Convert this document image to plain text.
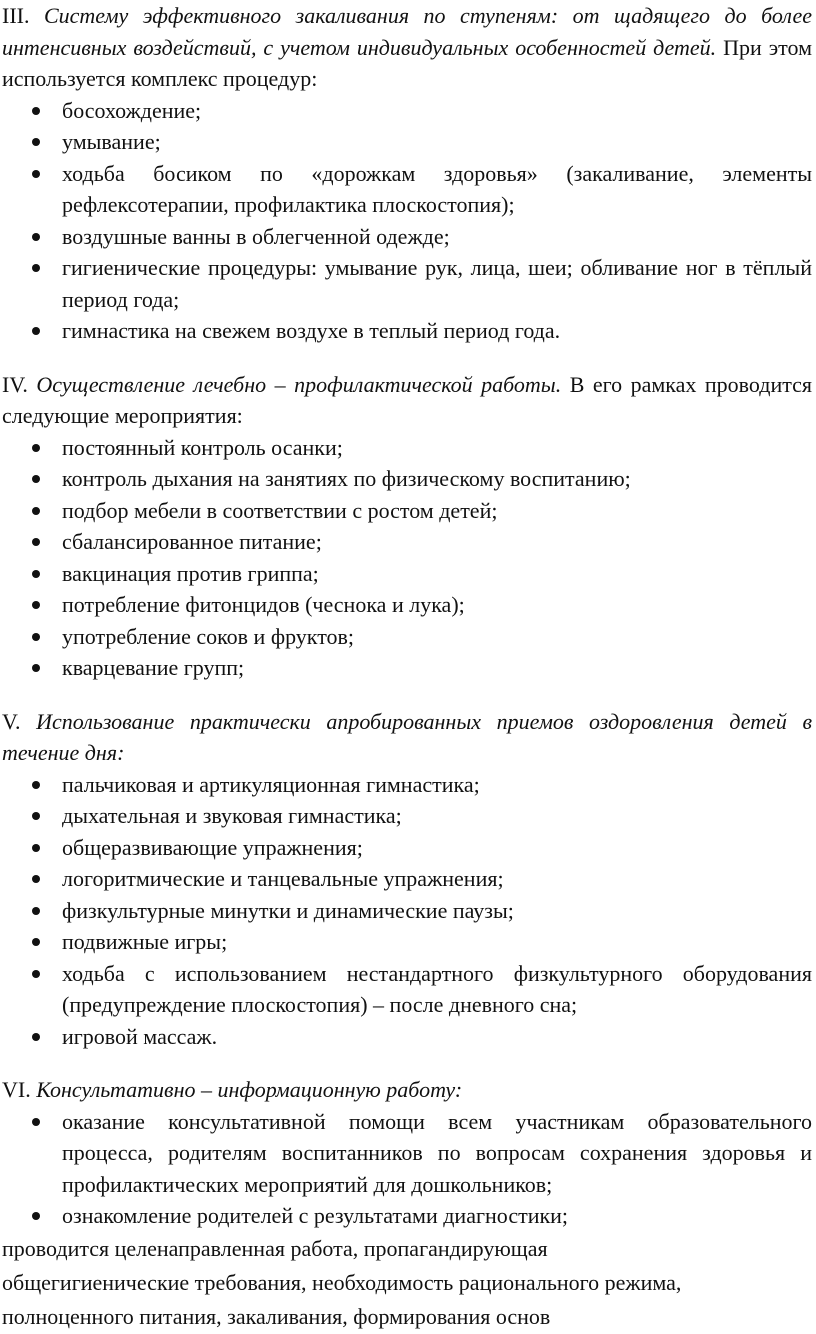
III. Систему эффективного закаливания по ступеням: от щадящего до более интенсивных воздействий, с учетом индивидуальных особенностей детей. При этом используется комплекс процедур:

босохождение;
умывание;
ходьба босиком по «дорожкам здоровья» (закаливание, элементы рефлексотерапии, профилактика плоскостопия);
воздушные ванны в облегченной одежде;
гигиенические процедуры: умывание рук, лица, шеи; обливание ног в тёплый период года;
гимнастика на свежем воздухе в теплый период года.

IV. Осуществление лечебно – профилактической работы. В его рамках проводится следующие мероприятия:

постоянный контроль осанки;
контроль дыхания на занятиях по физическому воспитанию;
подбор мебели в соответствии с ростом детей;
сбалансированное питание;
вакцинация против гриппа;
потребление фитонцидов (чеснока и лука);
употребление соков и фруктов;
кварцевание групп;

V. Использование практически апробированных приемов оздоровления детей в течение дня:

пальчиковая и артикуляционная гимнастика;
дыхательная и звуковая гимнастика;
общеразвивающие упражнения;
логоритмические и танцевальные упражнения;
физкультурные минутки и динамические паузы;
подвижные игры;
ходьба с использованием нестандартного физкультурного оборудования (предупреждение плоскостопия) – после дневного сна;
игровой массаж.

VI. Консультативно – информационную работу:

оказание консультативной помощи всем участникам образовательного процесса, родителям воспитанников по вопросам сохранения здоровья и профилактических мероприятий для дошкольников;
ознакомление родителей с результатами диагностики;

проводится целенаправленная работа, пропагандирующая

общегигиенические требования, необходимость рационального режима,

полноценного питания, закаливания, формирования основ
